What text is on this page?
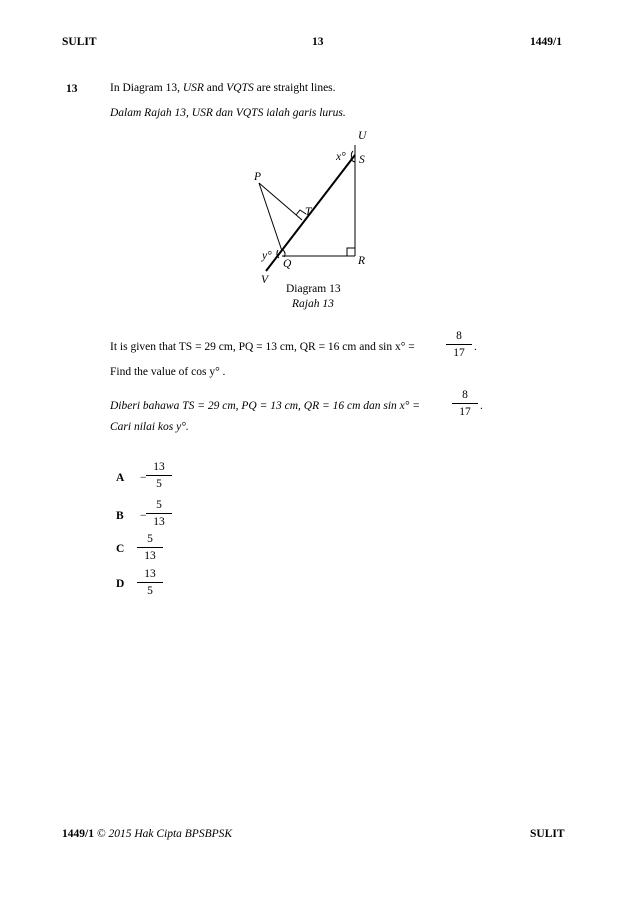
SULIT	13	1449/1
13	In Diagram 13, USR and VQTS are straight lines.
Dalam Rajah 13, USR dan VQTS ialah garis lurus.
U
S
x°
P
T
y°
Q	R
V
Diagram 13
Rajah 13
It is given that TS = 29 cm, PQ = 13 cm, QR = 16 cm and sin x° =
8
17 .
Find the value of cos y° .
Diberi bahawa TS = 29 cm, PQ = 13 cm, QR = 16 cm dan sin x° =
8
17 .
Cari nilai kos y°.
A −
13
5
B −
5
13
C
5
13
D
13
5
1449/1 © 2015 Hak Cipta BPSBPSK	SULIT
